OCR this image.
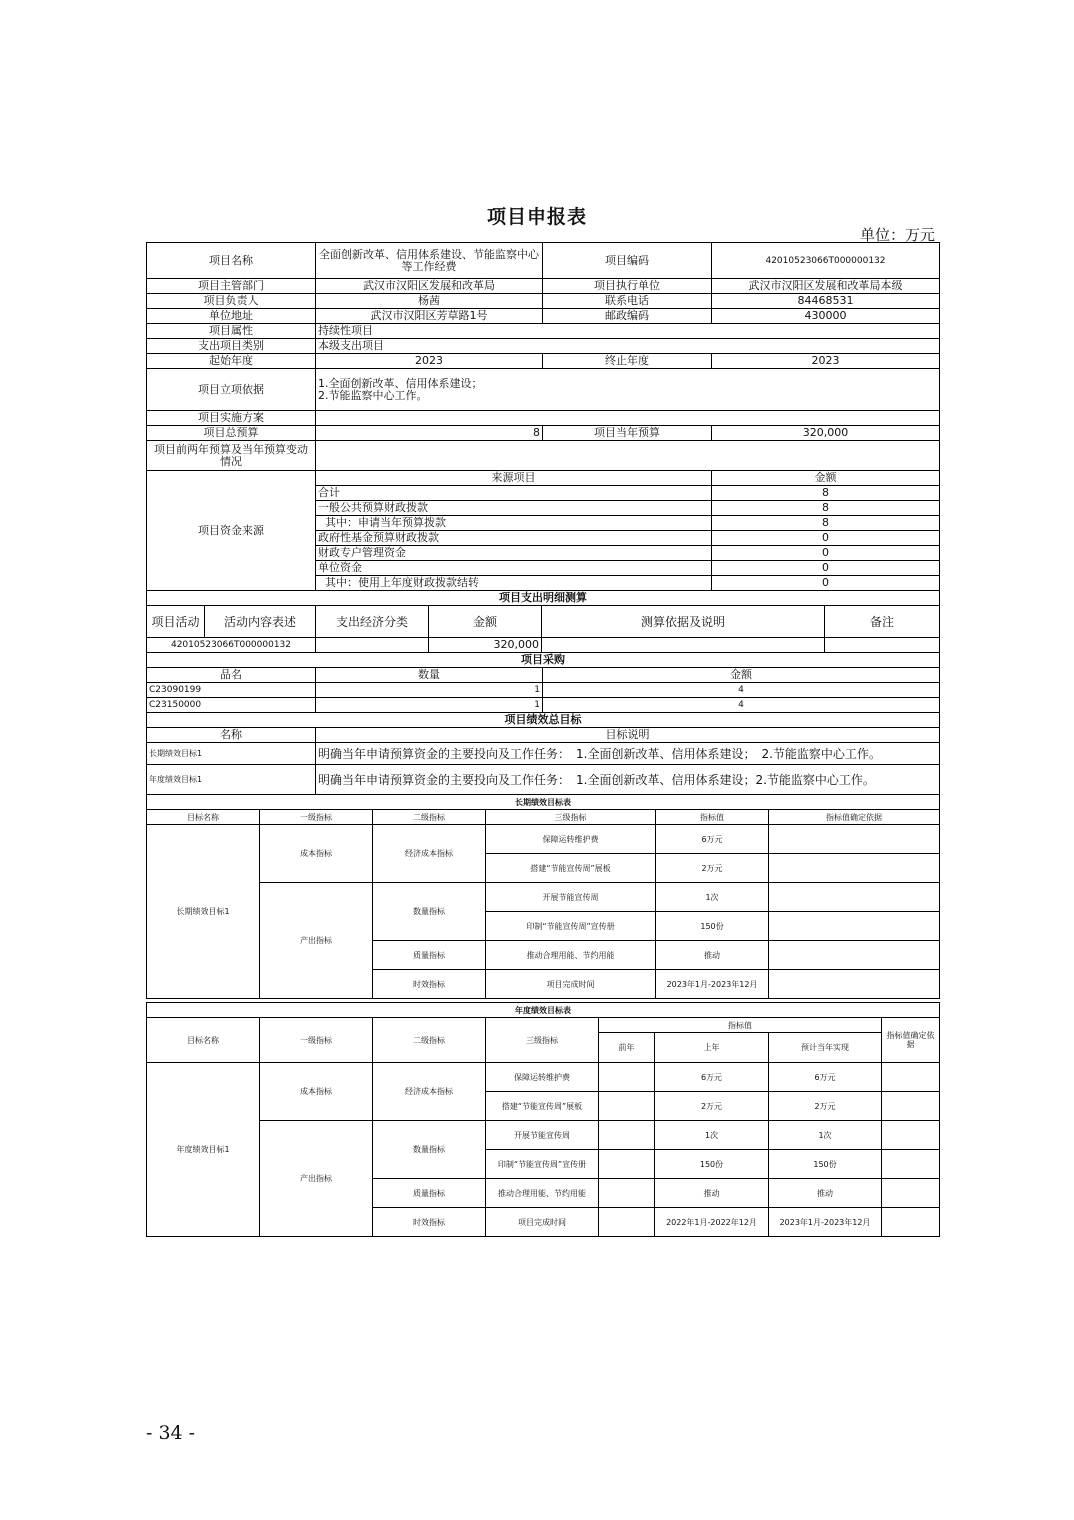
项目申报表
单位：万元
项目名称	全面创新改革、信用体系建设、节能监察中心等工作经费	项目编码	42010523066T000000132
项目主管部门	武汉市汉阳区发展和改革局	项目执行单位	武汉市汉阳区发展和改革局本级
项目负责人	杨茜	联系电话	84468531
单位地址	武汉市汉阳区芳草路1号	邮政编码	430000
项目属性	持续性项目		
支出项目类别	本级支出项目		
起始年度	2023	终止年度	2023
项目立项依据	1.全面创新改革、信用体系建设；
2.节能监察中心工作。		

项目实施方案			
项目总预算	8	项目当年预算	320,000
项目前两年预算及当年预算变动情况			
项目资金来源	来源项目	金额
	合计	8
	一般公共预算财政拨款	8
	其中：申请当年预算拨款	8
	政府性基金预算财政拨款	0
	财政专户管理资金	0
	单位资金	0
	其中：使用上年度财政拨款结转	0
项目支出明细测算					
项目活动	活动内容表述	支出经济分类	金额	测算依据及说明	备注
42010523066T000000132			320,000		
项目采购		
品名	数量	金额
C23090199	1	4
C23150000	1	4
项目绩效总目标	
名称	目标说明
长期绩效目标1	明确当年申请预算资金的主要投向及工作任务：　1.全面创新改革、信用体系建设；　2.节能监察中心工作。
年度绩效目标1	明确当年申请预算资金的主要投向及工作任务：　1.全面创新改革、信用体系建设；2.节能监察中心工作。
长期绩效目标表					
目标名称	一级指标	二级指标	三级指标	指标值	指标值确定依据
长期绩效目标1	成本指标	经济成本指标	保障运转维护费	6万元	
			搭建“节能宣传周”展板	2万元	
	产出指标	数量指标	开展节能宣传周	1次	
			印制“节能宣传周”宣传册	150份	
		质量指标	推动合理用能、节约用能	推动	
		时效指标	项目完成时间	2023年1月-2023年12月	
年度绩效目标表							
目标名称	一级指标	二级指标	三级指标	指标值			指标值确定依据
				前年	上年	预计当年实现	
年度绩效目标1	成本指标	经济成本指标	保障运转维护费		6万元	6万元	
			搭建“节能宣传周”展板		2万元	2万元	
	产出指标	数量指标	开展节能宣传周		1次	1次	
			印制“节能宣传周”宣传册		150份	150份	
		质量指标	推动合理用能、节约用能		推动	推动	
		时效指标	项目完成时间		2022年1月-2022年12月	2023年1月-2023年12月	
- 34 -
